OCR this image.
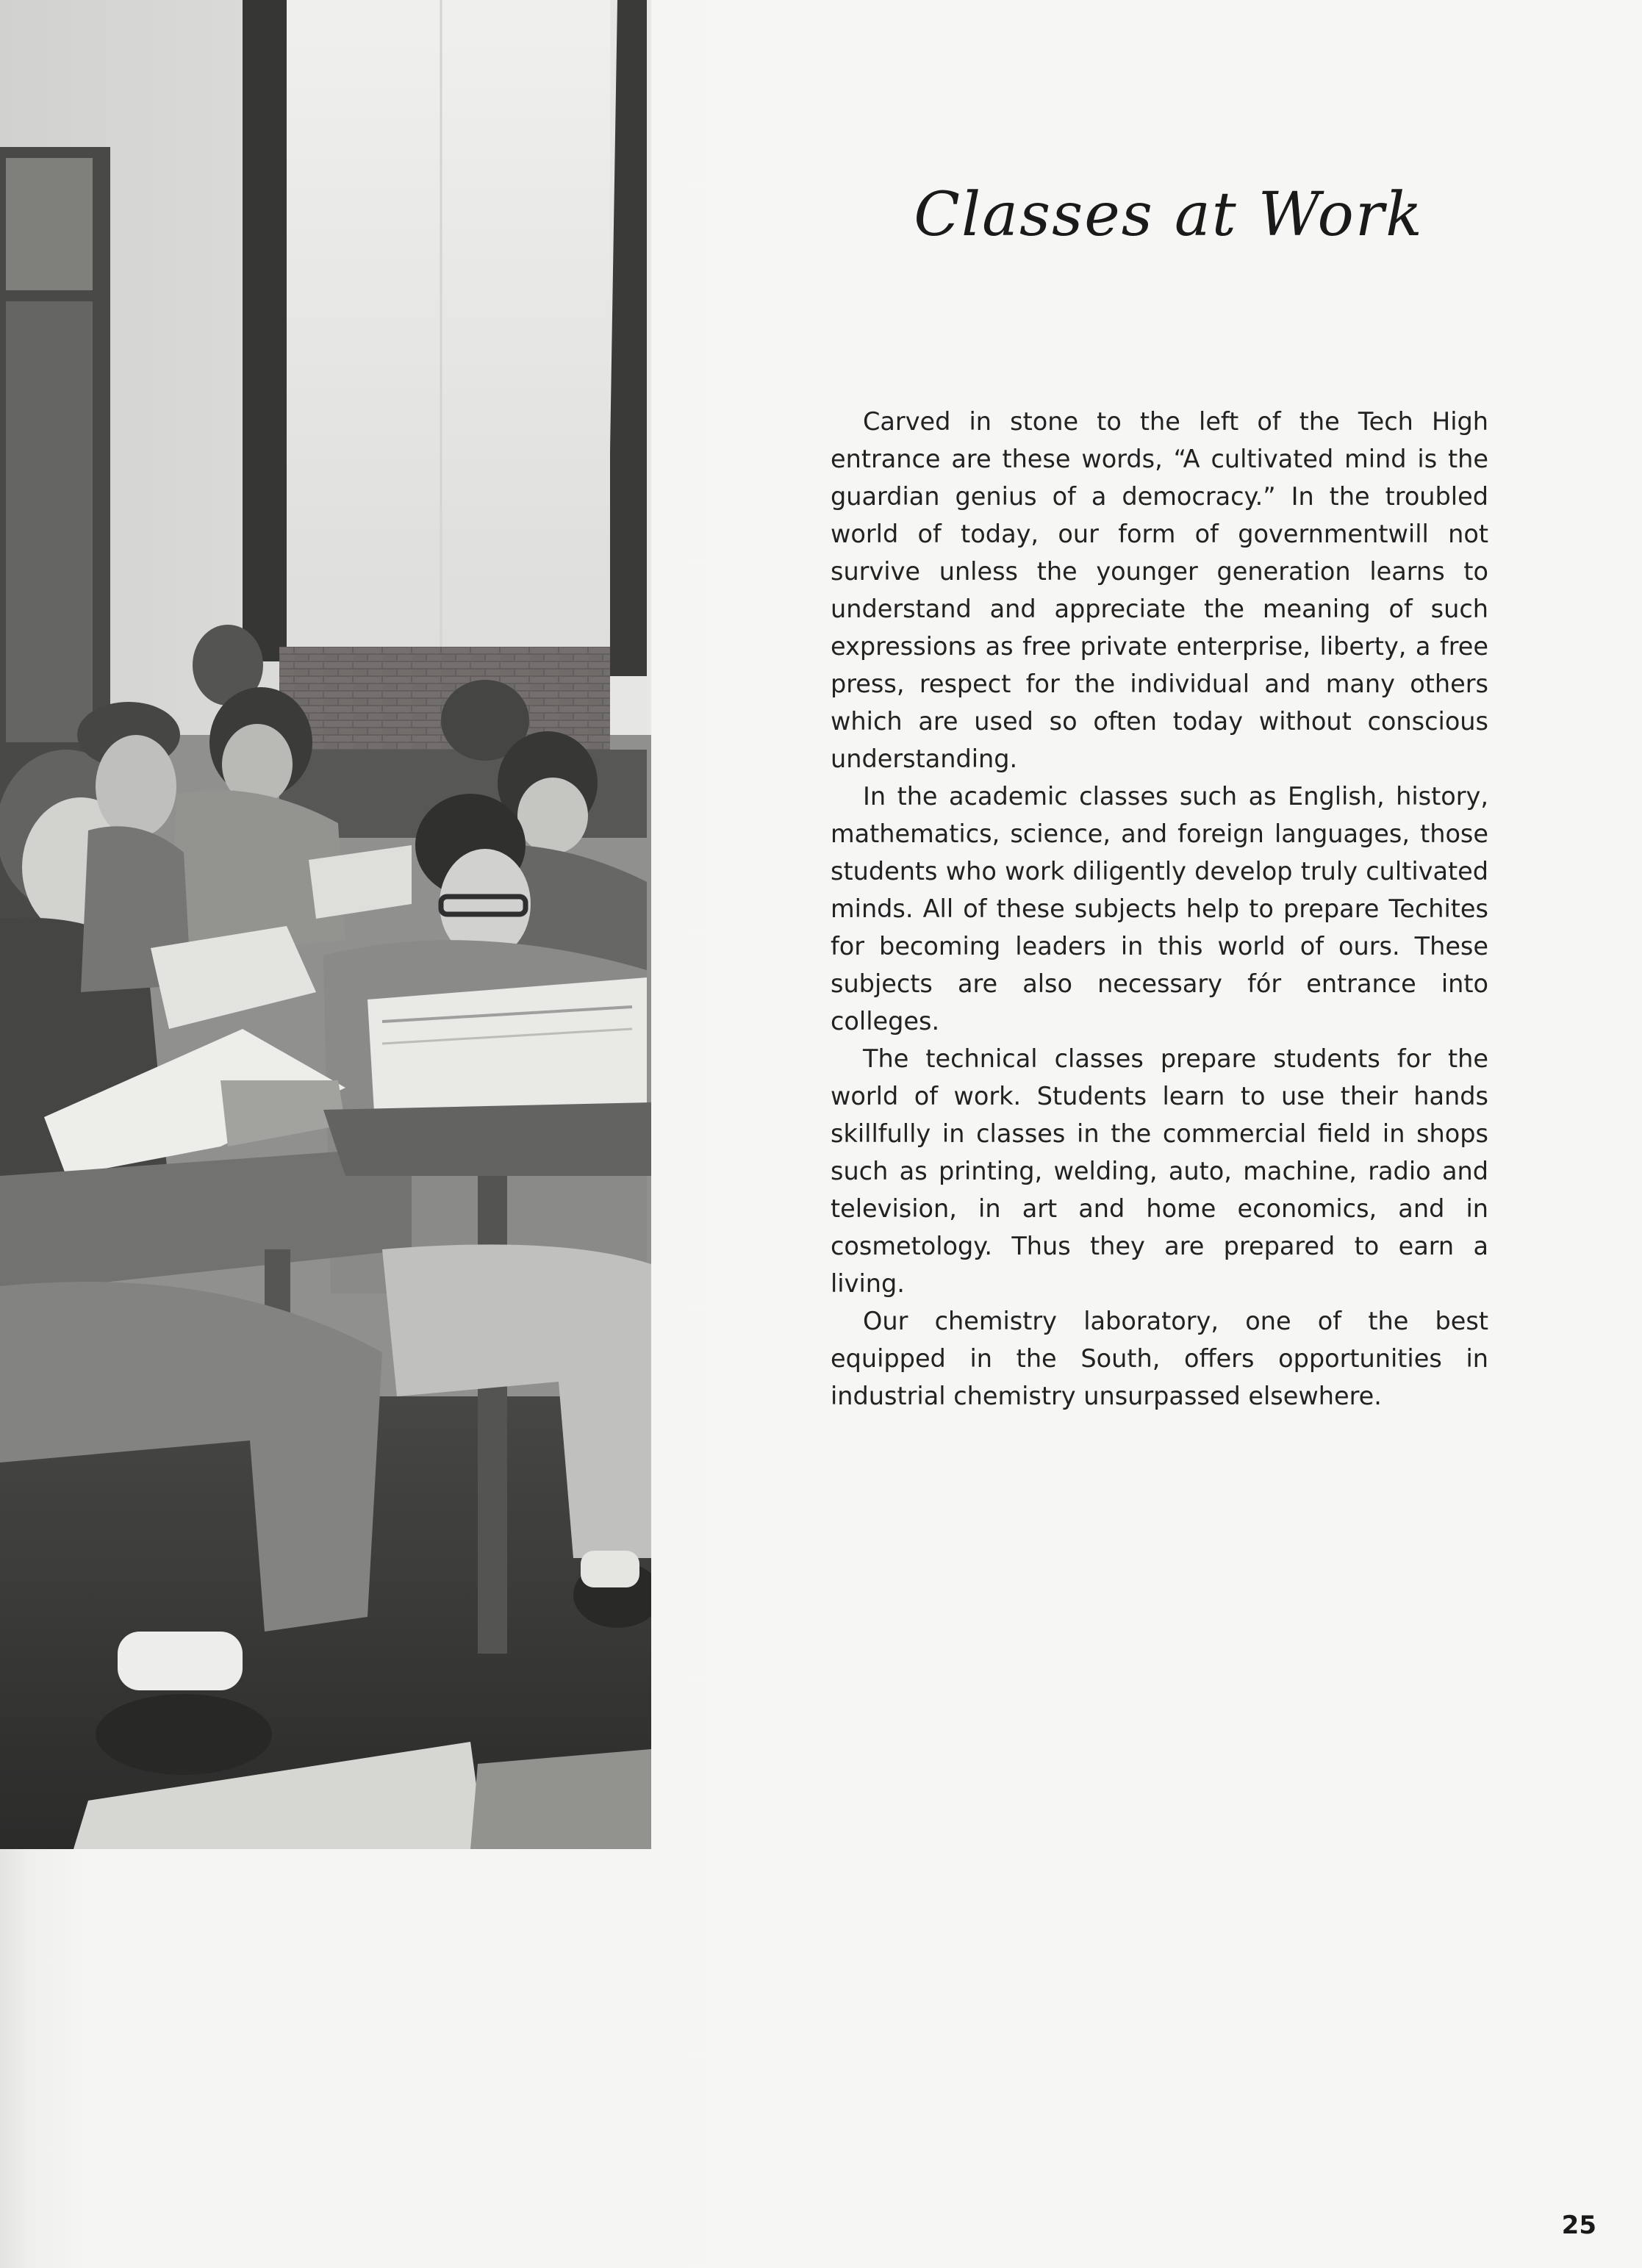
Classes at Work

Carved in stone to the left of the Tech High entrance are these words, “A cultivated mind is the guardian genius of a democracy.” In the troubled world of today, our form of governmentwill not survive unless the younger generation learns to understand and appreciate the meaning of such expressions as free private enterprise, liberty, a free press, respect for the individual and many others which are used so often today without conscious understanding.

In the academic classes such as English, history, mathematics, science, and foreign languages, those students who work diligently develop truly cultivated minds. All of these subjects help to prepare Techites for becoming leaders in this world of ours. These subjects are also necessary fór entrance into colleges.

The technical classes prepare students for the world of work. Students learn to use their hands skillfully in classes in the commercial field in shops such as printing, welding, auto, machine, radio and television, in art and home economics, and in cosmetology. Thus they are prepared to earn a living.

Our chemistry laboratory, one of the best equipped in the South, offers opportunities in industrial chemistry unsurpassed elsewhere.

25
